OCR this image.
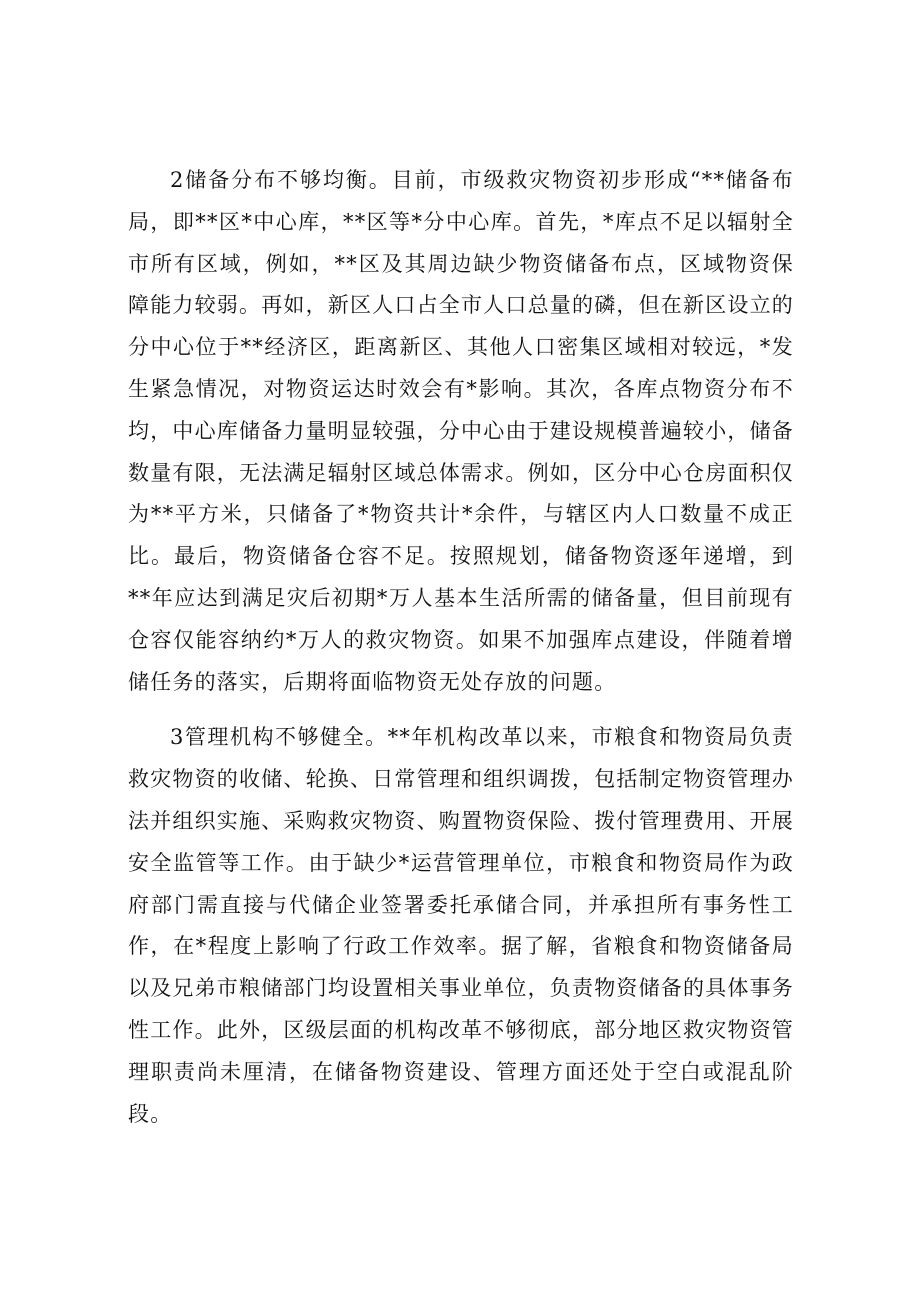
2储备分布不够均衡。目前，市级救灾物资初步形成“**储备布局，即**区*中心库，**区等*分中心库。首先，*库点不足以辐射全市所有区域，例如，**区及其周边缺少物资储备布点，区域物资保障能力较弱。再如，新区人口占全市人口总量的磷，但在新区设立的分中心位于**经济区，距离新区、其他人口密集区域相对较远，*发生紧急情况，对物资运达时效会有*影响。其次，各库点物资分布不均，中心库储备力量明显较强，分中心由于建设规模普遍较小，储备数量有限，无法满足辐射区域总体需求。例如，区分中心仓房面积仅为**平方米，只储备了*物资共计*余件，与辖区内人口数量不成正比。最后，物资储备仓容不足。按照规划，储备物资逐年递增，到**年应达到满足灾后初期*万人基本生活所需的储备量，但目前现有仓容仅能容纳约*万人的救灾物资。如果不加强库点建设，伴随着增储任务的落实，后期将面临物资无处存放的问题。

3管理机构不够健全。**年机构改革以来，市粮食和物资局负责救灾物资的收储、轮换、日常管理和组织调拨，包括制定物资管理办法并组织实施、采购救灾物资、购置物资保险、拨付管理费用、开展安全监管等工作。由于缺少*运营管理单位，市粮食和物资局作为政府部门需直接与代储企业签署委托承储合同，并承担所有事务性工作，在*程度上影响了行政工作效率。据了解，省粮食和物资储备局以及兄弟市粮储部门均设置相关事业单位，负责物资储备的具体事务性工作。此外，区级层面的机构改革不够彻底，部分地区救灾物资管理职责尚未厘清，在储备物资建设、管理方面还处于空白或混乱阶段。
